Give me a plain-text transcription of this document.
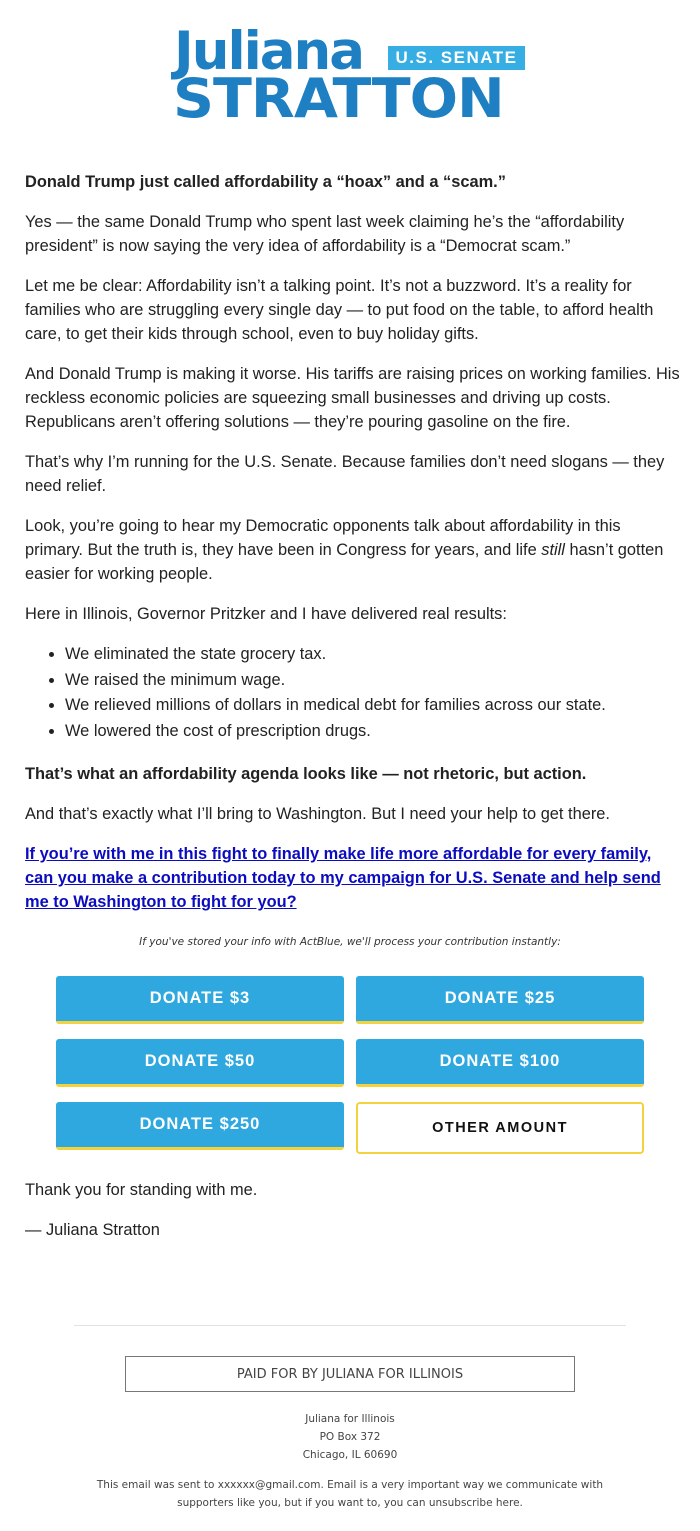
Juliana	U.S. SENATE
STRATTON

Donald Trump just called affordability a “hoax” and a “scam.”

Yes — the same Donald Trump who spent last week claiming he’s the “affordability president” is now saying the very idea of affordability is a “Democrat scam.”

Let me be clear: Affordability isn’t a talking point. It’s not a buzzword. It’s a reality for families who are struggling every single day — to put food on the table, to afford health care, to get their kids through school, even to buy holiday gifts.

And Donald Trump is making it worse. His tariffs are raising prices on working families. His reckless economic policies are squeezing small businesses and driving up costs. Republicans aren’t offering solutions — they’re pouring gasoline on the fire.

That’s why I’m running for the U.S. Senate. Because families don’t need slogans — they need relief.

Look, you’re going to hear my Democratic opponents talk about affordability in this primary. But the truth is, they have been in Congress for years, and life still hasn’t gotten easier for working people.

Here in Illinois, Governor Pritzker and I have delivered real results:

• We eliminated the state grocery tax.
• We raised the minimum wage.
• We relieved millions of dollars in medical debt for families across our state.
• We lowered the cost of prescription drugs.

That’s what an affordability agenda looks like — not rhetoric, but action.

And that’s exactly what I’ll bring to Washington. But I need your help to get there.

If you’re with me in this fight to finally make life more affordable for every family, can you make a contribution today to my campaign for U.S. Senate and help send me to Washington to fight for you?
If you've stored your info with ActBlue, we'll process your contribution instantly:
DONATE $3	DONATE $25
DONATE $50	DONATE $100
DONATE $250	OTHER AMOUNT

Thank you for standing with me.

— Juliana Stratton

PAID FOR BY JULIANA FOR ILLINOIS
Juliana for Illinois
PO Box 372
Chicago, IL 60690
This email was sent to xxxxxx@gmail.com. Email is a very important way we communicate with supporters like you, but if you want to, you can unsubscribe here.
